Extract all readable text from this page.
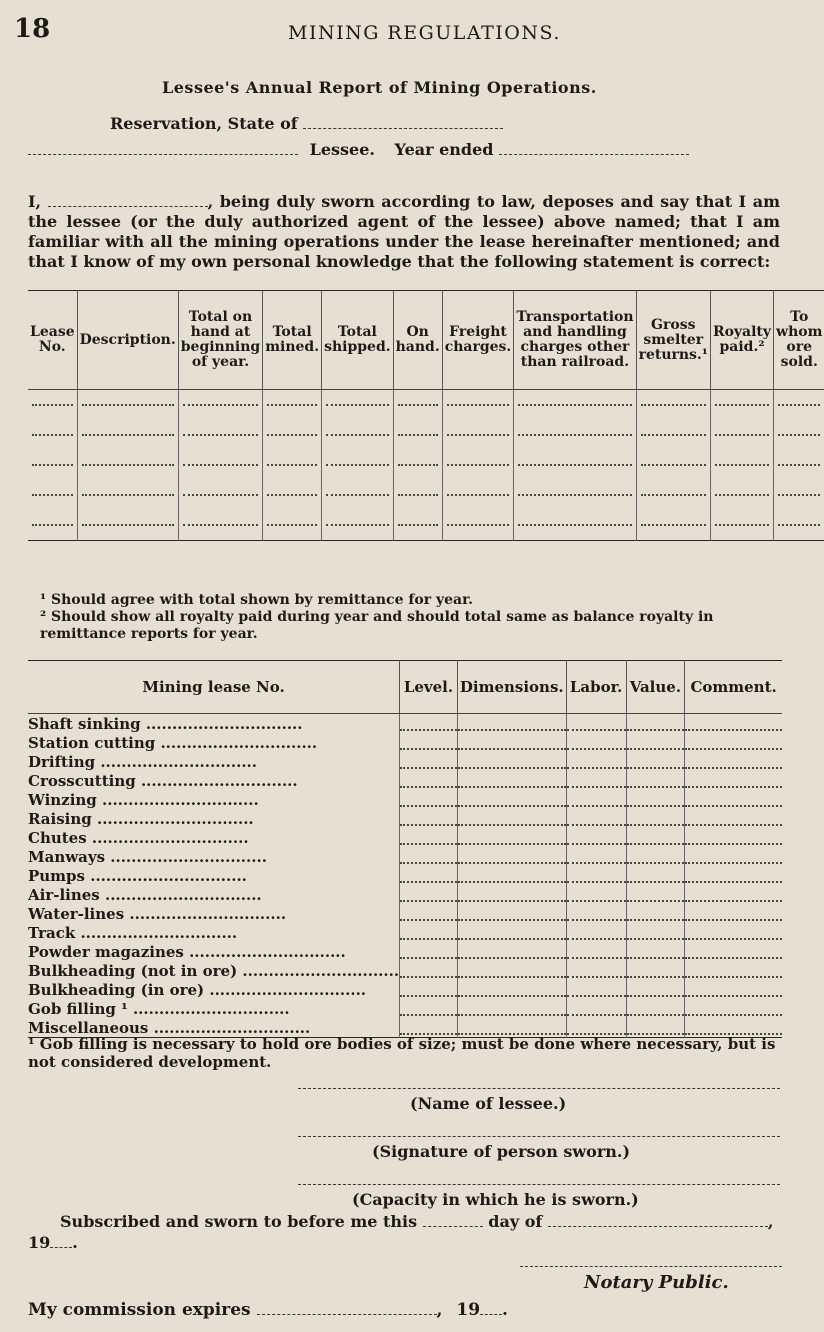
18	MINING REGULATIONS.
Lessee's Annual Report of Mining Operations.
Reservation, State of
Lessee. Year ended

I,	, being duly sworn according to law, deposes and say that I am the lessee (or the duly authorized agent of the lessee) above named; that I am familiar with all the mining operations under the lease hereinafter mentioned; and that I know of my own personal knowledge that the following statement is correct:

Lease No.	Description.	Total on hand at beginning of year.	Total mined.	Total shipped.	On hand.	Freight charges.	Transportation and handling charges other than railroad.	Gross smelter returns.¹	Royalty paid.²	To whom ore sold.

¹ Should agree with total shown by remittance for year.

² Should show all royalty paid during year and should total same as balance royalty in remittance reports for year.

Mining lease No.	Level.	Dimensions.	Labor.	Value.	Comment.
Shaft sinking ..............................	

Station cutting ..............................	

Drifting ..............................	

Crosscutting ..............................	

Winzing ..............................	

Raising ..............................	

Chutes ..............................	

Manways ..............................	

Pumps ..............................	

Air-lines ..............................	

Water-lines ..............................	

Track ..............................	

Powder magazines ..............................	

Bulkheading (not in ore) ..............................	

Bulkheading (in ore) ..............................	

Gob filling ¹ ..............................	

Miscellaneous ..............................	

¹ Gob filling is necessary to hold ore bodies of size; must be done where necessary, but is not considered development.

(Name of lessee.)
(Signature of person sworn.)
(Capacity in which he is sworn.)
Subscribed and sworn to before me this	day of	,
19 .
Notary Public.
My commission expires	, 19 .
